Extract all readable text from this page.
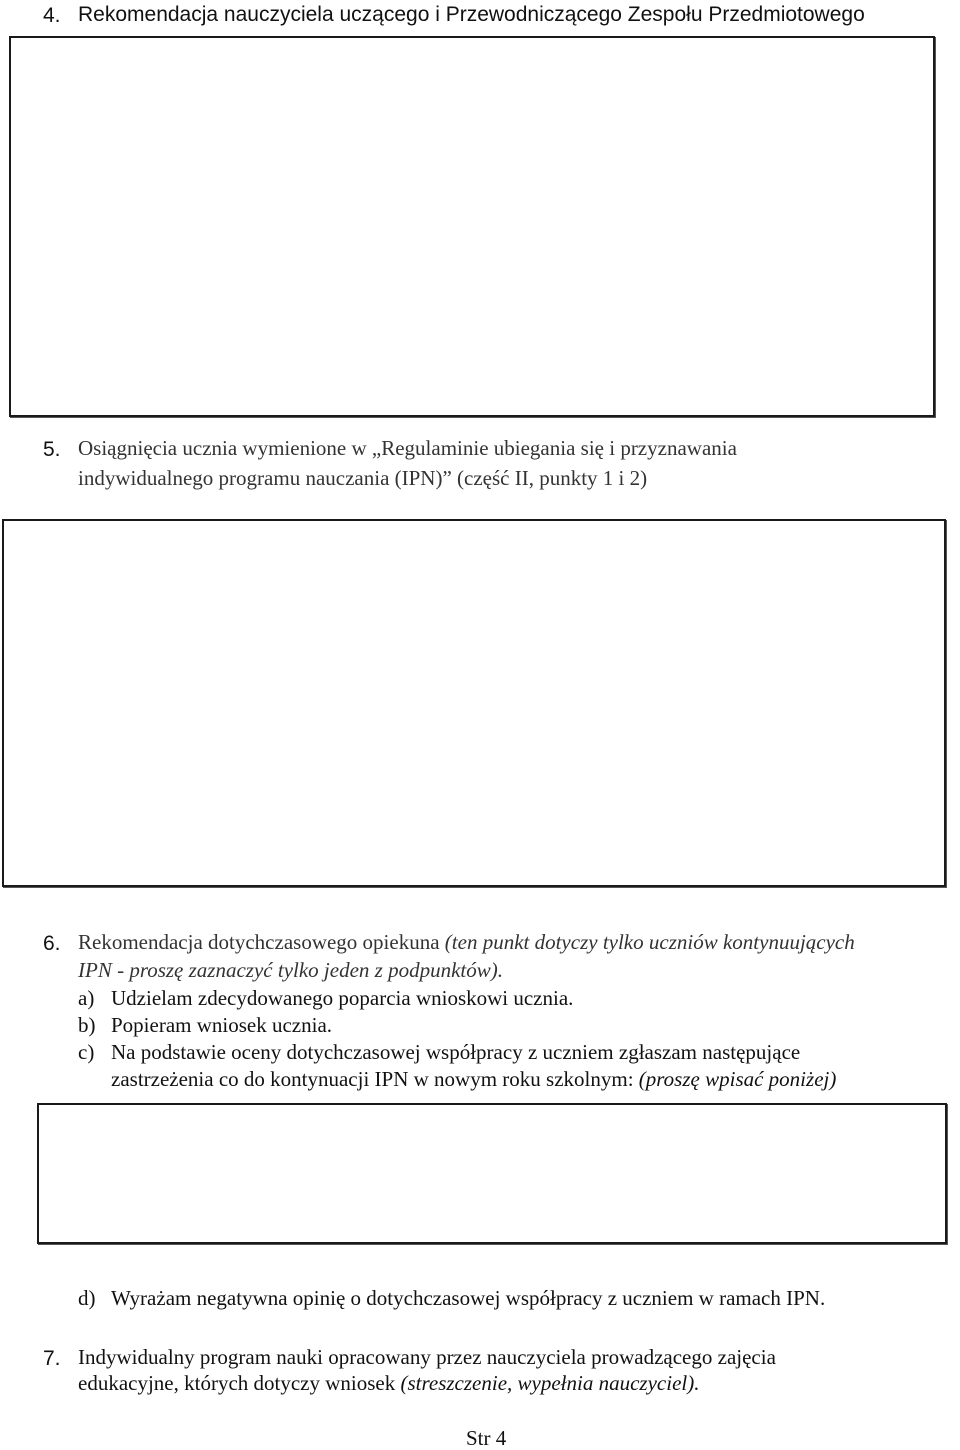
4. Rekomendacja nauczyciela uczącego i Przewodniczącego Zespołu Przedmiotowego
5. Osiągnięcia ucznia wymienione w „Regulaminie ubiegania się i przyznawania
indywidualnego programu nauczania (IPN)” (część II, punkty 1 i 2)
6. Rekomendacja dotychczasowego opiekuna (ten punkt dotyczy tylko uczniów kontynuujących
IPN - proszę zaznaczyć tylko jeden z podpunktów).
a) Udzielam zdecydowanego poparcia wnioskowi ucznia.
b) Popieram wniosek ucznia.
c) Na podstawie oceny dotychczasowej współpracy z uczniem zgłaszam następujące
zastrzeżenia co do kontynuacji IPN w nowym roku szkolnym: (proszę wpisać poniżej)
d) Wyrażam negatywna opinię o dotychczasowej współpracy z uczniem w ramach IPN.
7. Indywidualny program nauki opracowany przez nauczyciela prowadzącego zajęcia
edukacyjne, których dotyczy wniosek (streszczenie, wypełnia nauczyciel).
Str 4
